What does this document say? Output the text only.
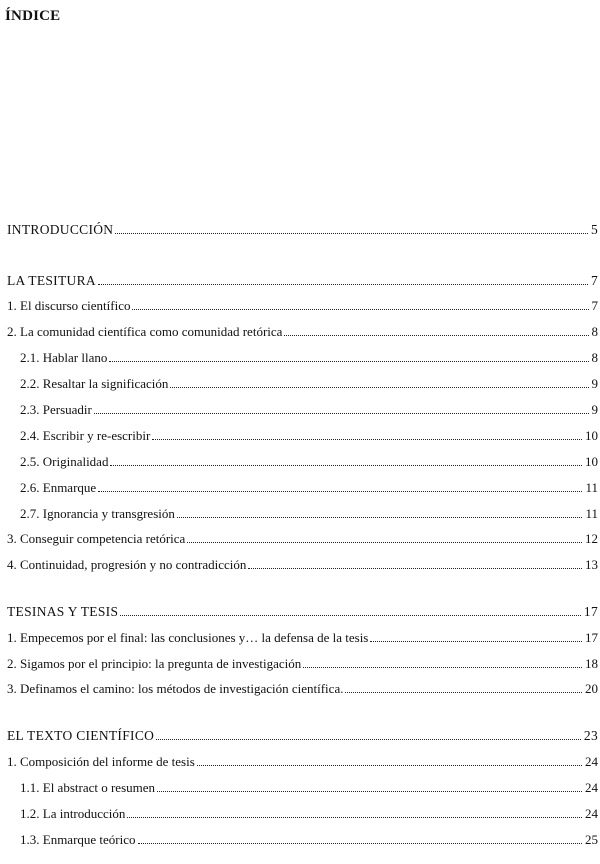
ÍNDICE
INTRODUCCIÓN	5
LA TESITURA	7
1. El discurso científico	7
2. La comunidad científica como comunidad retórica	8
2.1. Hablar llano	8
2.2. Resaltar la significación	9
2.3. Persuadir	9
2.4. Escribir y re-escribir	10
2.5. Originalidad	10
2.6. Enmarque	11
2.7. Ignorancia y transgresión	11
3. Conseguir competencia retórica	12
4. Continuidad, progresión y no contradicción	13
TESINAS Y TESIS	17
1. Empecemos por el final: las conclusiones y… la defensa de la tesis	17
2. Sigamos por el principio: la pregunta de investigación	18
3. Definamos el camino: los métodos de investigación científica.	20
EL TEXTO CIENTÍFICO	23
1. Composición del informe de tesis	24
1.1. El abstract o resumen	24
1.2. La introducción	24
1.3. Enmarque teórico	25
